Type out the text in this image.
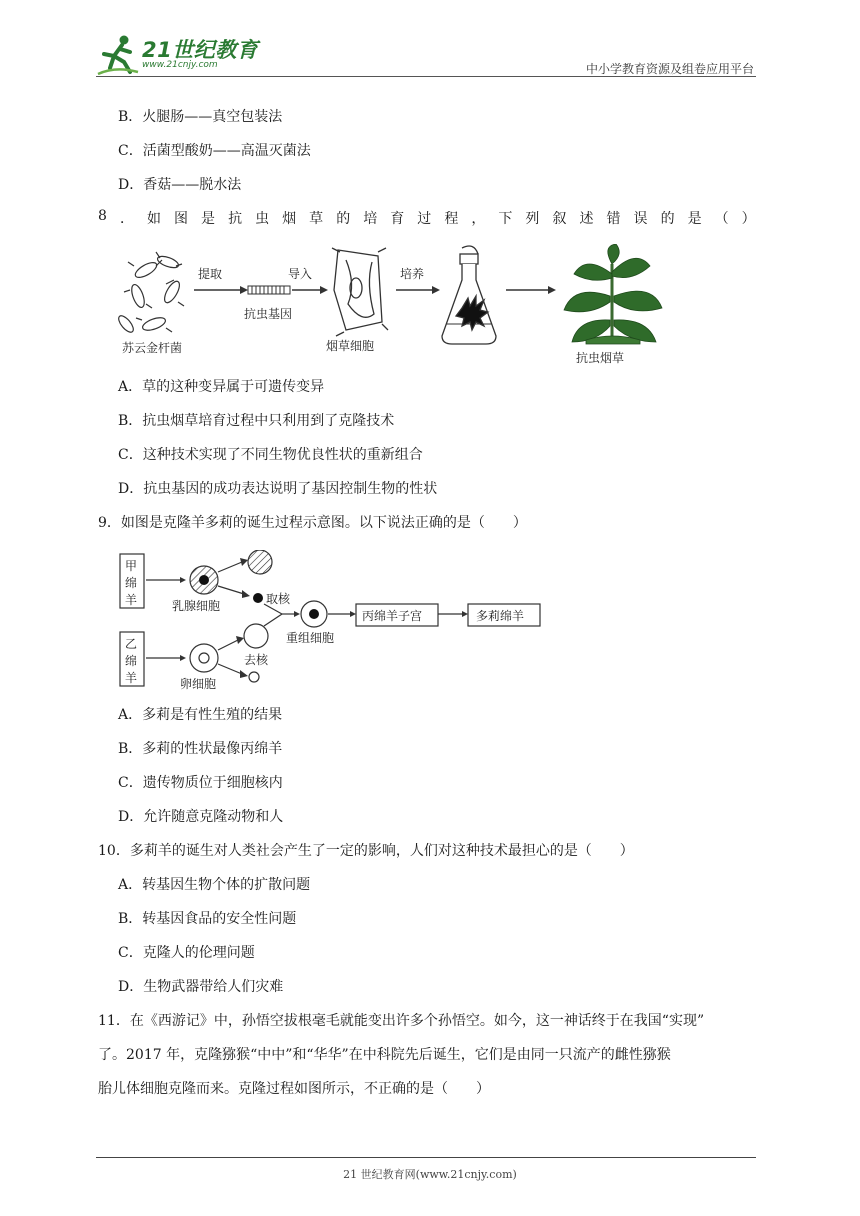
21世纪教育
www.21cnjy.com	中小学教育资源及组卷应用平台
B．火腿肠——真空包装法
C．活菌型酸奶——高温灭菌法
D．香菇——脱水法
8 ． 如 图 是 抗 虫 烟 草 的 培 育 过 程 ， 下 列 叙 述 错 误 的 是 （ ）
苏云金杆菌
提取
抗虫基因
导入
烟草细胞
培养
抗虫烟草
A．草的这种变异属于可遗传变异
B．抗虫烟草培育过程中只利用到了克隆技术
C．这种技术实现了不同生物优良性状的重新组合
D．抗虫基因的成功表达说明了基因控制生物的性状
9．如图是克隆羊多莉的诞生过程示意图。以下说法正确的是（　　）
甲
绵
羊	乳腺细胞	取核
重组细胞
丙绵羊子宫	多莉绵羊
乙
绵
羊	卵细胞
去核
A．多莉是有性生殖的结果
B．多莉的性状最像丙绵羊
C．遗传物质位于细胞核内
D．允许随意克隆动物和人
10．多莉羊的诞生对人类社会产生了一定的影响，人们对这种技术最担心的是（　　）
A．转基因生物个体的扩散问题
B．转基因食品的安全性问题
C．克隆人的伦理问题
D．生物武器带给人们灾难
11．在《西游记》中，孙悟空拔根毫毛就能变出许多个孙悟空。如今，这一神话终于在我国“实现”
了。2017 年，克隆猕猴“中中”和“华华”在中科院先后诞生，它们是由同一只流产的雌性猕猴
胎儿体细胞克隆而来。克隆过程如图所示，不正确的是（　　）
21 世纪教育网(www.21cnjy.com)
